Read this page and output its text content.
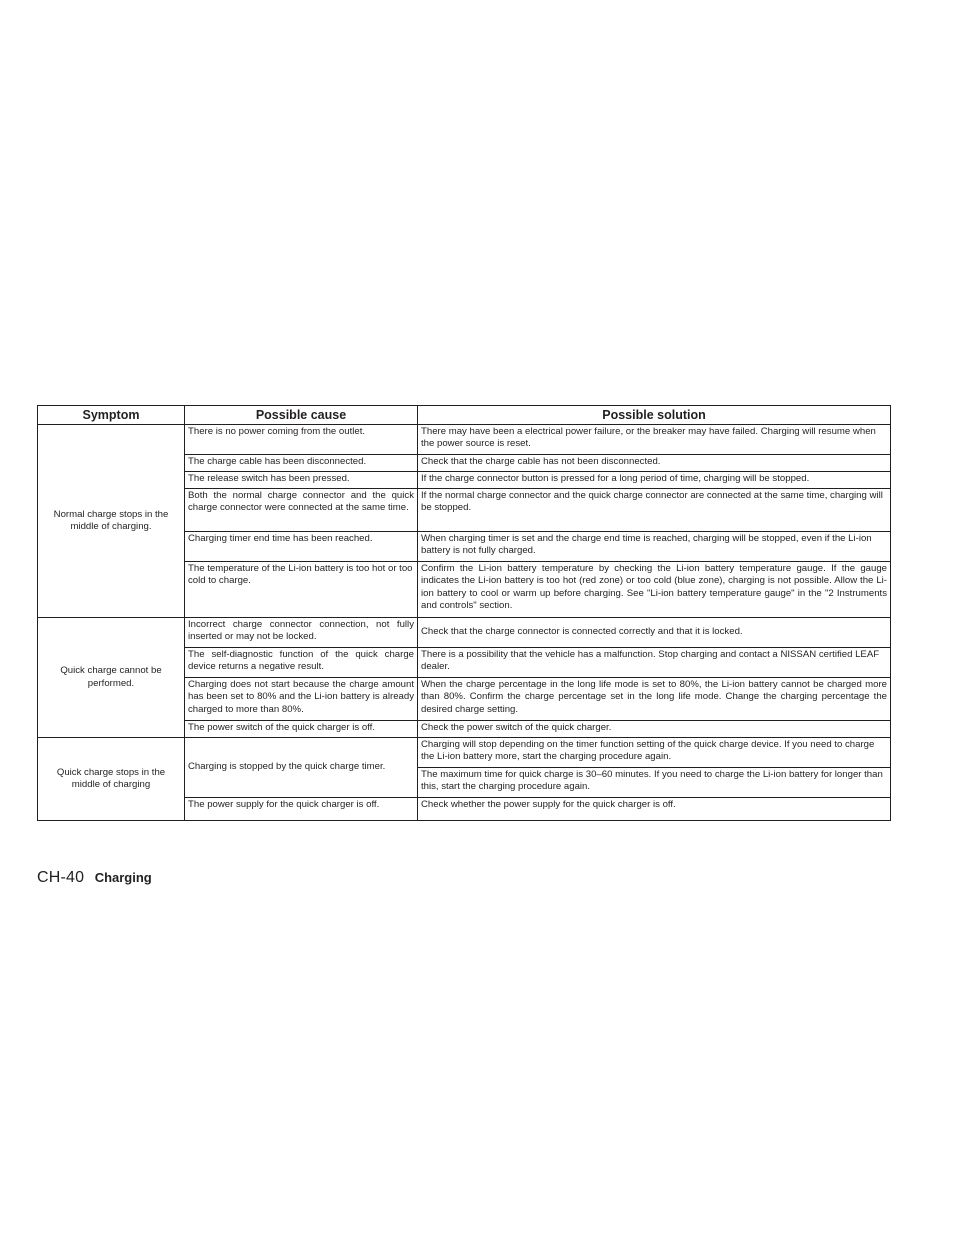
Symptom	Possible cause	Possible solution
Normal charge stops in the middle of charging.	There is no power coming from the outlet.	There may have been a electrical power failure, or the breaker may have failed. Charging will resume when the power source is reset.
	The charge cable has been disconnected.	Check that the charge cable has not been disconnected.
	The release switch has been pressed.	If the charge connector button is pressed for a long period of time, charging will be stopped.
	Both the normal charge connector and the quick charge connector were connected at the same time.	If the normal charge connector and the quick charge connector are connected at the same time, charging will be stopped.
	Charging timer end time has been reached.	When charging timer is set and the charge end time is reached, charging will be stopped, even if the Li-ion battery is not fully charged.
	The temperature of the Li-ion battery is too hot or too cold to charge.	Confirm the Li-ion battery temperature by checking the Li-ion battery temperature gauge. If the gauge indicates the Li-ion battery is too hot (red zone) or too cold (blue zone), charging is not possible. Allow the Li-ion battery to cool or warm up before charging. See "Li-ion battery temperature gauge" in the "2 Instruments and controls" section.
Quick charge cannot be performed.	Incorrect charge connector connection, not fully inserted or may not be locked.	Check that the charge connector is connected correctly and that it is locked.
	The self-diagnostic function of the quick charge device returns a negative result.	There is a possibility that the vehicle has a malfunction. Stop charging and contact a NISSAN certified LEAF dealer.
	Charging does not start because the charge amount has been set to 80% and the Li-ion battery is already charged to more than 80%.	When the charge percentage in the long life mode is set to 80%, the Li-ion battery cannot be charged more than 80%. Confirm the charge percentage set in the long life mode. Change the charging percentage the desired charge setting.
	The power switch of the quick charger is off.	Check the power switch of the quick charger.
Quick charge stops in the middle of charging	Charging is stopped by the quick charge timer.	Charging will stop depending on the timer function setting of the quick charge device. If you need to charge the Li-ion battery more, start the charging procedure again.
		The maximum time for quick charge is 30–60 minutes. If you need to charge the Li-ion battery for longer than this, start the charging procedure again.
	The power supply for the quick charger is off.	Check whether the power supply for the quick charger is off.
CH-40 Charging
